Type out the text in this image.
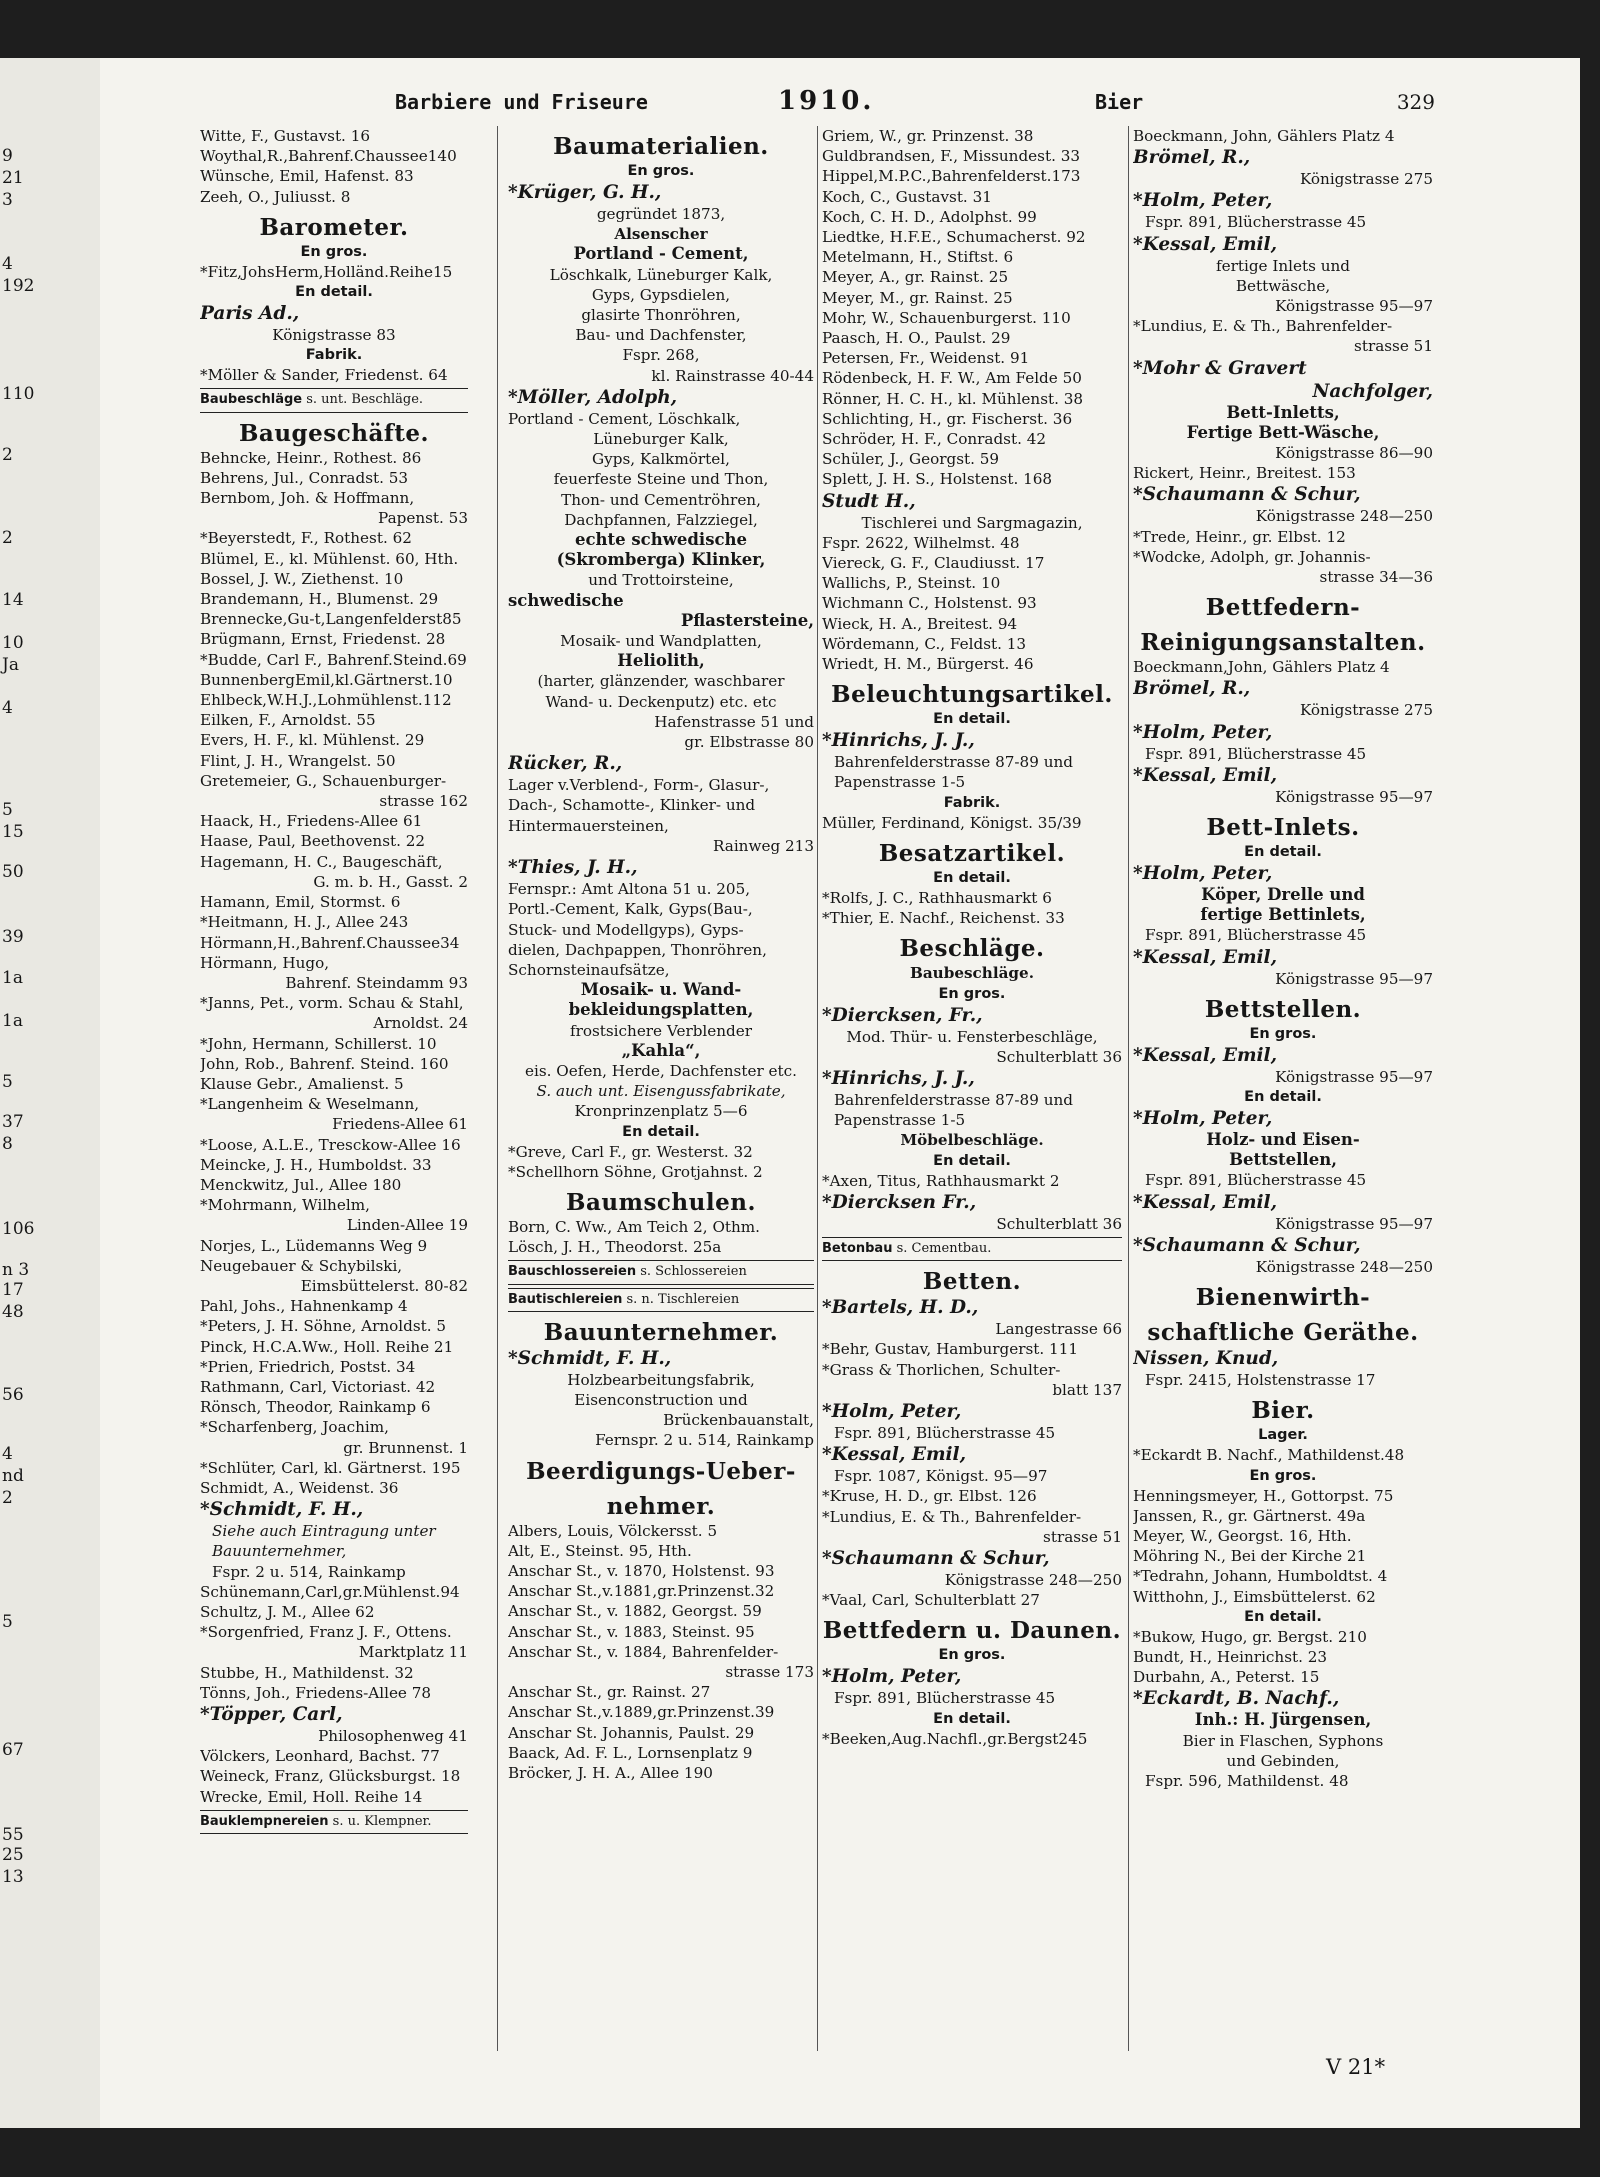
9
21
3
4
192
110
2
2
14
10
Ja
4
5
15
50
39
1a
1a
5
37
8
106
n 3
17
48
56
4
nd
2
5
67
55
25
13
Barbiere und Friseure	1910.	Bier	329
Witte, F., Gustavst. 16
Woythal,R.,Bahrenf.Chaussee140
Wünsche, Emil, Hafenst. 83
Zeeh, O., Juliusst. 8
Barometer.
En gros.
*Fitz,JohsHerm,Holländ.Reihe15
En detail.
Paris Ad.,
Königstrasse 83
Fabrik.
*Möller & Sander, Friedenst. 64
Baubeschläge s. unt. Beschläge.
Baugeschäfte.
Behncke, Heinr., Rothest. 86
Behrens, Jul., Conradst. 53
Bernbom, Joh. & Hoffmann,
Papenst. 53
*Beyerstedt, F., Rothest. 62
Blümel, E., kl. Mühlenst. 60, Hth.
Bossel, J. W., Ziethenst. 10
Brandemann, H., Blumenst. 29
Brennecke,Gu-t,Langenfelderst85
Brügmann, Ernst, Friedenst. 28
*Budde, Carl F., Bahrenf.Steind.69
BunnenbergEmil,kl.Gärtnerst.10
Ehlbeck,W.H.J.,Lohmühlenst.112
Eilken, F., Arnoldst. 55
Evers, H. F., kl. Mühlenst. 29
Flint, J. H., Wrangelst. 50
Gretemeier, G., Schauenburger-
strasse 162
Haack, H., Friedens-Allee 61
Haase, Paul, Beethovenst. 22
Hagemann, H. C., Baugeschäft,
G. m. b. H., Gasst. 2
Hamann, Emil, Stormst. 6
*Heitmann, H. J., Allee 243
Hörmann,H.,Bahrenf.Chaussee34
Hörmann, Hugo,
Bahrenf. Steindamm 93
*Janns, Pet., vorm. Schau & Stahl,
Arnoldst. 24
*John, Hermann, Schillerst. 10
John, Rob., Bahrenf. Steind. 160
Klause Gebr., Amalienst. 5
*Langenheim & Weselmann,
Friedens-Allee 61
*Loose, A.L.E., Tresckow-Allee 16
Meincke, J. H., Humboldst. 33
Menckwitz, Jul., Allee 180
*Mohrmann, Wilhelm,
Linden-Allee 19
Norjes, L., Lüdemanns Weg 9
Neugebauer & Schybilski,
Eimsbüttelerst. 80-82
Pahl, Johs., Hahnenkamp 4
*Peters, J. H. Söhne, Arnoldst. 5
Pinck, H.C.A.Ww., Holl. Reihe 21
*Prien, Friedrich, Postst. 34
Rathmann, Carl, Victoriast. 42
Rönsch, Theodor, Rainkamp 6
*Scharfenberg, Joachim,
gr. Brunnenst. 1
*Schlüter, Carl, kl. Gärtnerst. 195
Schmidt, A., Weidenst. 36
*Schmidt, F. H.,
Siehe auch Eintragung unter
Bauunternehmer,
Fspr. 2 u. 514, Rainkamp
Schünemann,Carl,gr.Mühlenst.94
Schultz, J. M., Allee 62
*Sorgenfried, Franz J. F., Ottens.
Marktplatz 11
Stubbe, H., Mathildenst. 32
Tönns, Joh., Friedens-Allee 78
*Töpper, Carl,
Philosophenweg 41
Völckers, Leonhard, Bachst. 77
Weineck, Franz, Glücksburgst. 18
Wrecke, Emil, Holl. Reihe 14
Bauklempnereien s. u. Klempner.
Baumaterialien.
En gros.
*Krüger, G. H.,
gegründet 1873,
Alsenscher
Portland - Cement,
Löschkalk, Lüneburger Kalk,
Gyps, Gypsdielen,
glasirte Thonröhren,
Bau- und Dachfenster,
Fspr. 268,
kl. Rainstrasse 40-44
*Möller, Adolph,
Portland - Cement, Löschkalk,
Lüneburger Kalk,
Gyps, Kalkmörtel,
feuerfeste Steine und Thon,
Thon- und Cementröhren,
Dachpfannen, Falzziegel,
echte schwedische
(Skromberga) Klinker,
und Trottoirsteine,
schwedische
Pflastersteine,
Mosaik- und Wandplatten,
Heliolith,
(harter, glänzender, waschbarer
Wand- u. Deckenputz) etc. etc
Hafenstrasse 51 und
gr. Elbstrasse 80
Rücker, R.,
Lager v.Verblend-, Form-, Glasur-,
Dach-, Schamotte-, Klinker- und
Hintermauersteinen,
Rainweg 213
*Thies, J. H.,
Fernspr.: Amt Altona 51 u. 205,
Portl.-Cement, Kalk, Gyps(Bau-,
Stuck- und Modellgyps), Gyps-
dielen, Dachpappen, Thonröhren,
Schornsteinaufsätze,
Mosaik- u. Wand-
bekleidungsplatten,
frostsichere Verblender
„Kahla“,
eis. Oefen, Herde, Dachfenster etc.
S. auch unt. Eisengussfabrikate,
Kronprinzenplatz 5—6
En detail.
*Greve, Carl F., gr. Westerst. 32
*Schellhorn Söhne, Grotjahnst. 2
Baumschulen.
Born, C. Ww., Am Teich 2, Othm.
Lösch, J. H., Theodorst. 25a
Bauschlossereien s. Schlossereien
Bautischlereien s. n. Tischlereien
Bauunternehmer.
*Schmidt, F. H.,
Holzbearbeitungsfabrik,
Eisenconstruction und
Brückenbauanstalt,
Fernspr. 2 u. 514, Rainkamp
Beerdigungs-Ueber-
nehmer.
Albers, Louis, Völckersst. 5
Alt, E., Steinst. 95, Hth.
Anschar St., v. 1870, Holstenst. 93
Anschar St.,v.1881,gr.Prinzenst.32
Anschar St., v. 1882, Georgst. 59
Anschar St., v. 1883, Steinst. 95
Anschar St., v. 1884, Bahrenfelder-
strasse 173
Anschar St., gr. Rainst. 27
Anschar St.,v.1889,gr.Prinzenst.39
Anschar St. Johannis, Paulst. 29
Baack, Ad. F. L., Lornsenplatz 9
Bröcker, J. H. A., Allee 190
Griem, W., gr. Prinzenst. 38
Guldbrandsen, F., Missundest. 33
Hippel,M.P.C.,Bahrenfelderst.173
Koch, C., Gustavst. 31
Koch, C. H. D., Adolphst. 99
Liedtke, H.F.E., Schumacherst. 92
Metelmann, H., Stiftst. 6
Meyer, A., gr. Rainst. 25
Meyer, M., gr. Rainst. 25
Mohr, W., Schauenburgerst. 110
Paasch, H. O., Paulst. 29
Petersen, Fr., Weidenst. 91
Rödenbeck, H. F. W., Am Felde 50
Rönner, H. C. H., kl. Mühlenst. 38
Schlichting, H., gr. Fischerst. 36
Schröder, H. F., Conradst. 42
Schüler, J., Georgst. 59
Splett, J. H. S., Holstenst. 168
Studt H.,
Tischlerei und Sargmagazin,
Fspr. 2622, Wilhelmst. 48
Viereck, G. F., Claudiusst. 17
Wallichs, P., Steinst. 10
Wichmann C., Holstenst. 93
Wieck, H. A., Breitest. 94
Wördemann, C., Feldst. 13
Wriedt, H. M., Bürgerst. 46
Beleuchtungsartikel.
En detail.
*Hinrichs, J. J.,
Bahrenfelderstrasse 87-89 und
Papenstrasse 1-5
Fabrik.
Müller, Ferdinand, Königst. 35/39
Besatzartikel.
En detail.
*Rolfs, J. C., Rathhausmarkt 6
*Thier, E. Nachf., Reichenst. 33
Beschläge.
Baubeschläge.
En gros.
*Diercksen, Fr.,
Mod. Thür- u. Fensterbeschläge,
Schulterblatt 36
*Hinrichs, J. J.,
Bahrenfelderstrasse 87-89 und
Papenstrasse 1-5
Möbelbeschläge.
En detail.
*Axen, Titus, Rathhausmarkt 2
*Diercksen Fr.,
Schulterblatt 36
Betonbau s. Cementbau.
Betten.
*Bartels, H. D.,
Langestrasse 66
*Behr, Gustav, Hamburgerst. 111
*Grass & Thorlichen, Schulter-
blatt 137
*Holm, Peter,
Fspr. 891, Blücherstrasse 45
*Kessal, Emil,
Fspr. 1087, Königst. 95—97
*Kruse, H. D., gr. Elbst. 126
*Lundius, E. & Th., Bahrenfelder-
strasse 51
*Schaumann & Schur,
Königstrasse 248—250
*Vaal, Carl, Schulterblatt 27
Bettfedern u. Daunen.
En gros.
*Holm, Peter,
Fspr. 891, Blücherstrasse 45
En detail.
*Beeken,Aug.Nachfl.,gr.Bergst245
Boeckmann, John, Gählers Platz 4
Brömel, R.,
Königstrasse 275
*Holm, Peter,
Fspr. 891, Blücherstrasse 45
*Kessal, Emil,
fertige Inlets und
Bettwäsche,
Königstrasse 95—97
*Lundius, E. & Th., Bahrenfelder-
strasse 51
*Mohr & Gravert
Nachfolger,
Bett-Inletts,
Fertige Bett-Wäsche,
Königstrasse 86—90
Rickert, Heinr., Breitest. 153
*Schaumann & Schur,
Königstrasse 248—250
*Trede, Heinr., gr. Elbst. 12
*Wodcke, Adolph, gr. Johannis-
strasse 34—36
Bettfedern-
Reinigungsanstalten.
Boeckmann,John, Gählers Platz 4
Brömel, R.,
Königstrasse 275
*Holm, Peter,
Fspr. 891, Blücherstrasse 45
*Kessal, Emil,
Königstrasse 95—97
Bett-Inlets.
En detail.
*Holm, Peter,
Köper, Drelle und
fertige Bettinlets,
Fspr. 891, Blücherstrasse 45
*Kessal, Emil,
Königstrasse 95—97
Bettstellen.
En gros.
*Kessal, Emil,
Königstrasse 95—97
En detail.
*Holm, Peter,
Holz- und Eisen-
Bettstellen,
Fspr. 891, Blücherstrasse 45
*Kessal, Emil,
Königstrasse 95—97
*Schaumann & Schur,
Königstrasse 248—250
Bienenwirth-
schaftliche Geräthe.
Nissen, Knud,
Fspr. 2415, Holstenstrasse 17
Bier.
Lager.
*Eckardt B. Nachf., Mathildenst.48
En gros.
Henningsmeyer, H., Gottorpst. 75
Janssen, R., gr. Gärtnerst. 49a
Meyer, W., Georgst. 16, Hth.
Möhring N., Bei der Kirche 21
*Tedrahn, Johann, Humboldtst. 4
Witthohn, J., Eimsbüttelerst. 62
En detail.
*Bukow, Hugo, gr. Bergst. 210
Bundt, H., Heinrichst. 23
Durbahn, A., Peterst. 15
*Eckardt, B. Nachf.,
Inh.: H. Jürgensen,
Bier in Flaschen, Syphons
und Gebinden,
Fspr. 596, Mathildenst. 48
V 21*
